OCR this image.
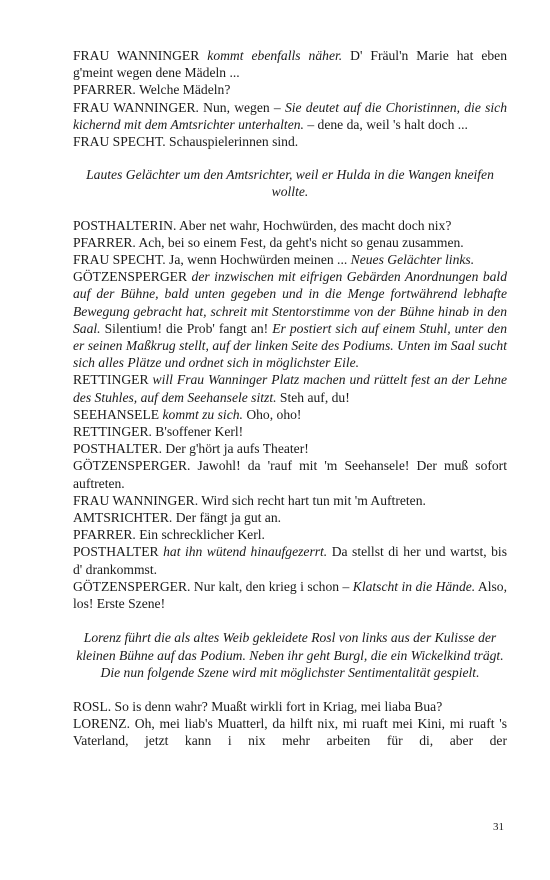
FRAU WANNINGER kommt ebenfalls näher. D' Fräul'n Marie hat eben g'meint wegen dene Mädeln ...

PFARRER. Welche Mädeln?

FRAU WANNINGER. Nun, wegen – Sie deutet auf die Choristinnen, die sich kichernd mit dem Amtsrichter unterhalten. – dene da, weil 's halt doch ...

FRAU SPECHT. Schauspielerinnen sind.

Lautes Gelächter um den Amtsrichter, weil er Hulda in die Wangen kneifen wollte.

POSTHALTERIN. Aber net wahr, Hochwürden, des macht doch nix?

PFARRER. Ach, bei so einem Fest, da geht's nicht so genau zusammen.

FRAU SPECHT. Ja, wenn Hochwürden meinen ... Neues Gelächter links.

GÖTZENSPERGER der inzwischen mit eifrigen Gebärden Anordnungen bald auf der Bühne, bald unten gegeben und in die Menge fortwährend lebhafte Bewegung gebracht hat, schreit mit Stentorstimme von der Bühne hinab in den Saal. Silentium! die Prob' fangt an! Er postiert sich auf einem Stuhl, unter den er seinen Maßkrug stellt, auf der linken Seite des Podiums. Unten im Saal sucht sich alles Plätze und ordnet sich in möglichster Eile.

RETTINGER will Frau Wanninger Platz machen und rüttelt fest an der Lehne des Stuhles, auf dem Seehansele sitzt. Steh auf, du!

SEEHANSELE kommt zu sich. Oho, oho!

RETTINGER. B'soffener Kerl!

POSTHALTER. Der g'hört ja aufs Theater!

GÖTZENSPERGER. Jawohl! da 'rauf mit 'm Seehansele! Der muß sofort auftreten.

FRAU WANNINGER. Wird sich recht hart tun mit 'm Auftreten.

AMTSRICHTER. Der fängt ja gut an.

PFARRER. Ein schrecklicher Kerl.

POSTHALTER hat ihn wütend hinaufgezerrt. Da stellst di her und wartst, bis d' drankommst.

GÖTZENSPERGER. Nur kalt, den krieg i schon – Klatscht in die Hände. Also, los! Erste Szene!

Lorenz führt die als altes Weib gekleidete Rosl von links aus der Kulisse der kleinen Bühne auf das Podium. Neben ihr geht Burgl, die ein Wickelkind trägt. Die nun folgende Szene wird mit möglichster Sentimentalität gespielt.

ROSL. So is denn wahr? Muaßt wirkli fort in Kriag, mei liaba Bua?

LORENZ. Oh, mei liab's Muatterl, da hilft nix, mi ruaft mei Kini, mi ruaft 's Vaterland, jetzt kann i nix mehr arbeiten für di, aber der

31
